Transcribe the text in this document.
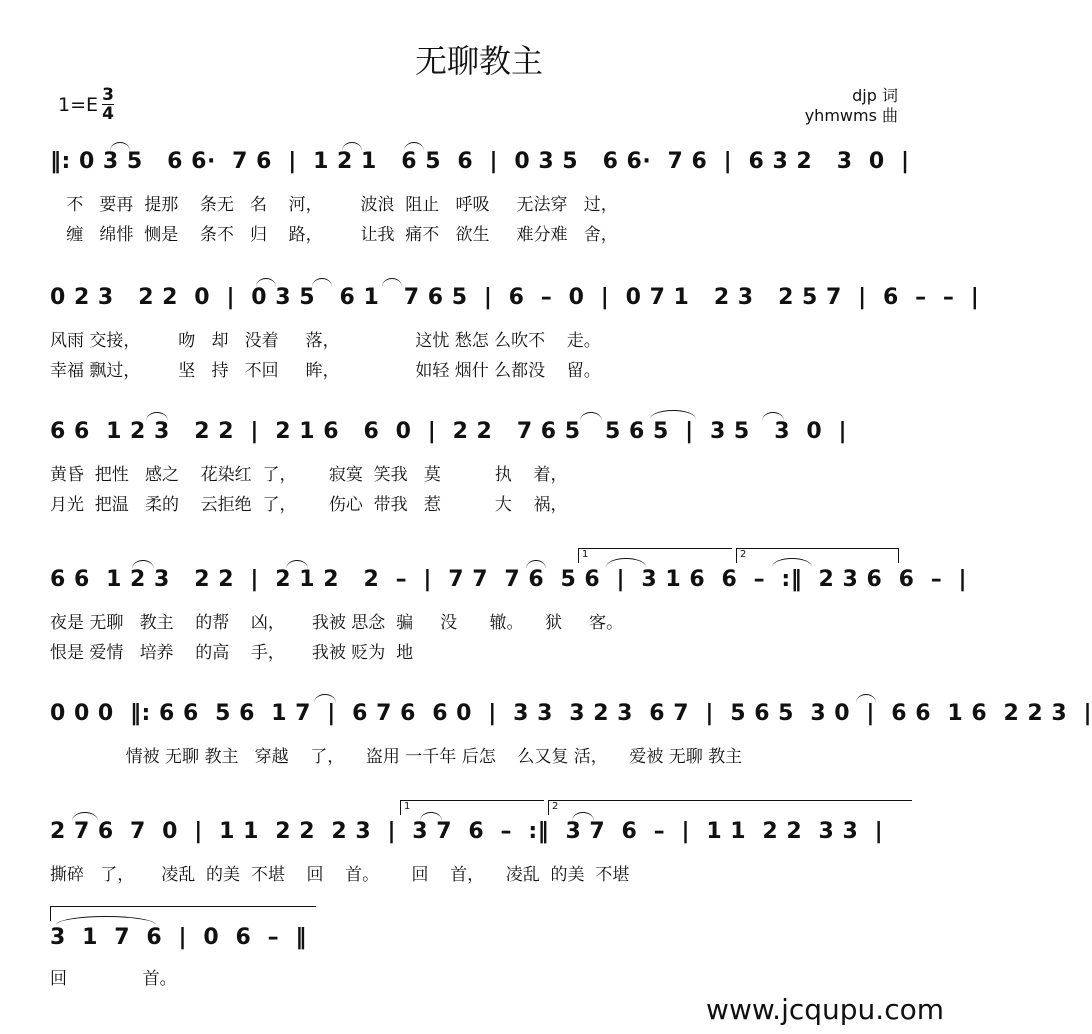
无聊教主
$1=E \frac{3}{4}$	djp 词
yhmwms 曲
‖: 0 3 5   6 6·  7 6  |  1 2 1   6 5  6  |  0 3 5   6 6·  7 6  |  6 3 2   3  0  |
不   要再  提那    条无   名    河，       波浪  阻止   呼吸     无法穿   过，
缠   绵悱  恻是    条不   归    路，       让我  痛不   欲生     难分难   舍，
0 2 3   2 2  0  |  0 3 5   6 1   7 6 5  |  6  –  0  |  0 7 1   2 3   2 5 7  |  6  –  –  |
风雨 交接，       吻   却   没着     落，              这忧 愁怎 么吹不    走。
幸福 飘过，       坚   持   不回     眸，              如轻 烟什 么都没    留。
6 6  1 2 3   2 2  |  2 1 6   6  0  |  2 2   7 6 5   5 6 5  |  3 5   3  0  |
黄昏  把性   感之    花染红  了，      寂寞  笑我   莫          执    着，
月光  把温   柔的    云拒绝  了，      伤心  带我   惹          大    祸，
1	2
6 6  1 2 3   2 2  |  2 1 2   2  –  |  7 7  7 6  5 6  |  3 1 6  6  –  :‖  2 3 6  6  –  |
夜是 无聊   教主    的帮    凶，     我被 思念  骗     没      辙。    狱     客。
恨是 爱情   培养    的高    手，     我被 贬为  地
0 0 0  ‖: 6 6  5 6  1 7  |  6 7 6  6 0  |  3 3  3 2 3  6 7  |  5 6 5  3 0  |  6 6  1 6  2 2 3  |
情被 无聊 教主   穿越    了，    盗用 一千年 后怎    么又复 活，    爱被 无聊 教主
1	2
2 7 6  7  0  |  1 1  2 2  2 3  |  3 7  6  –  :‖  3 7  6  –  |  1 1  2 2  3 3  |
撕碎   了，     凌乱  的美  不堪    回    首。      回    首，    凌乱  的美  不堪
3  1  7  6  |  0  6  –  ‖
回              首。
www.jcqupu.com
